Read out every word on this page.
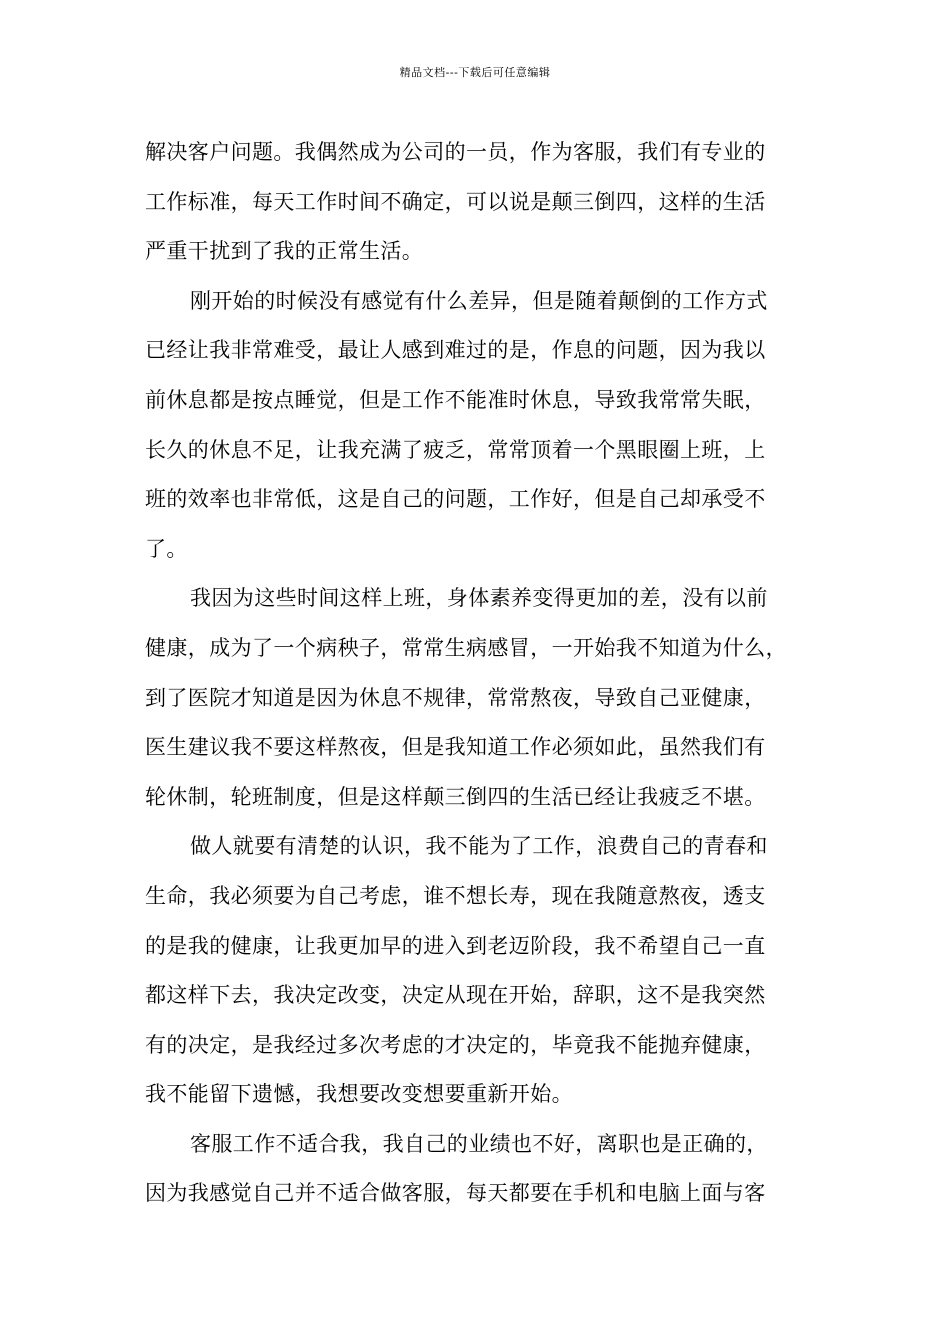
精品文档---下载后可任意编辑
解决客户问题。我偶然成为公司的一员，作为客服，我们有专业的
工作标准，每天工作时间不确定，可以说是颠三倒四，这样的生活
严重干扰到了我的正常生活。
刚开始的时候没有感觉有什么差异，但是随着颠倒的工作方式
已经让我非常难受，最让人感到难过的是，作息的问题，因为我以
前休息都是按点睡觉，但是工作不能准时休息，导致我常常失眠，
长久的休息不足，让我充满了疲乏，常常顶着一个黑眼圈上班，上
班的效率也非常低，这是自己的问题，工作好，但是自己却承受不
了。
我因为这些时间这样上班，身体素养变得更加的差，没有以前
健康，成为了一个病秧子，常常生病感冒，一开始我不知道为什么，
到了医院才知道是因为休息不规律，常常熬夜，导致自己亚健康，
医生建议我不要这样熬夜，但是我知道工作必须如此，虽然我们有
轮休制，轮班制度，但是这样颠三倒四的生活已经让我疲乏不堪。
做人就要有清楚的认识，我不能为了工作，浪费自己的青春和
生命，我必须要为自己考虑，谁不想长寿，现在我随意熬夜，透支
的是我的健康，让我更加早的进入到老迈阶段，我不希望自己一直
都这样下去，我决定改变，决定从现在开始，辞职，这不是我突然
有的决定，是我经过多次考虑的才决定的，毕竟我不能抛弃健康，
我不能留下遗憾，我想要改变想要重新开始。
客服工作不适合我，我自己的业绩也不好，离职也是正确的，
因为我感觉自己并不适合做客服，每天都要在手机和电脑上面与客
